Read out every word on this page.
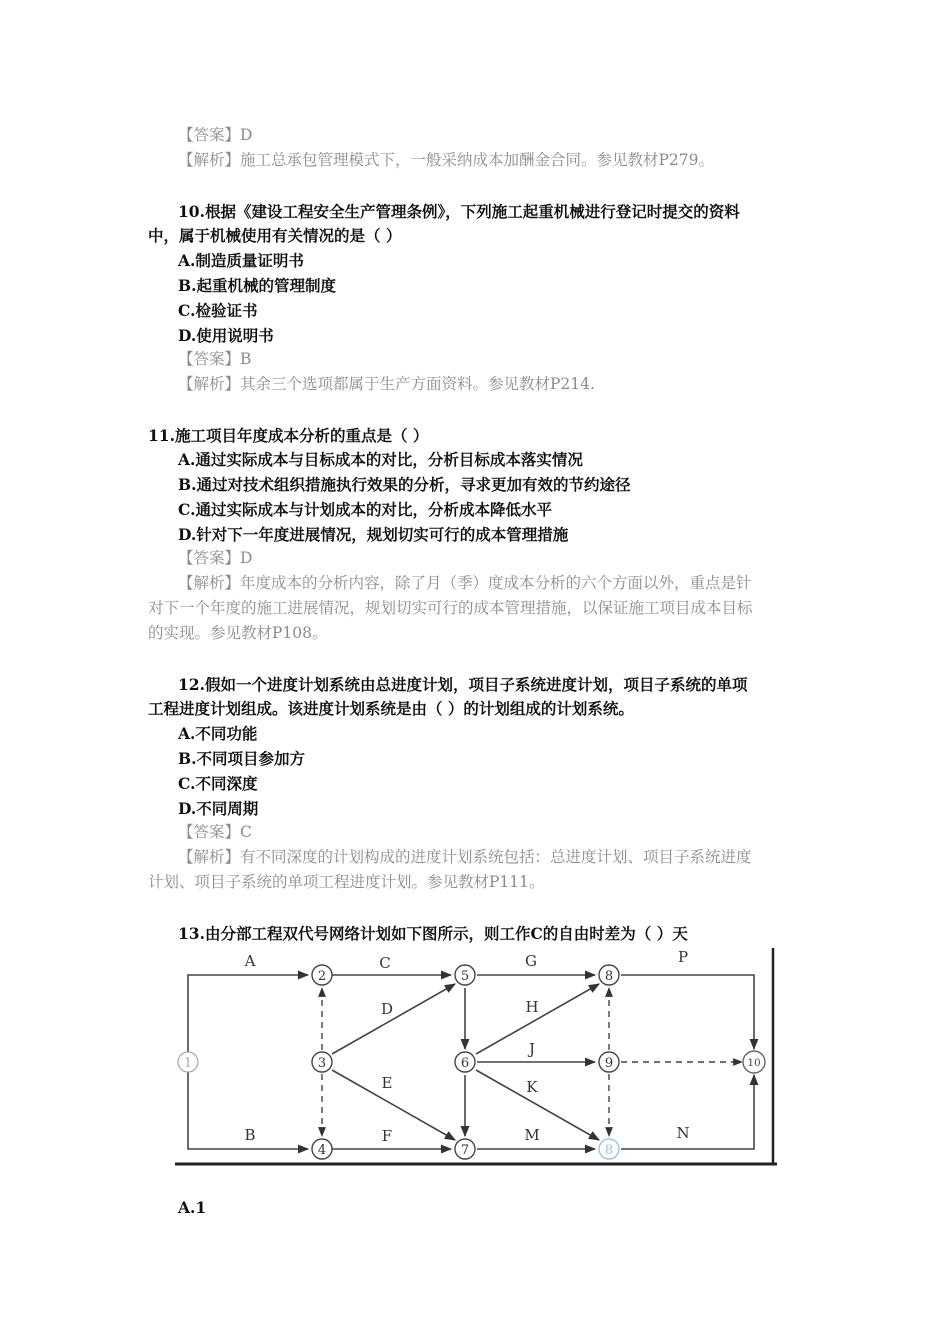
【答案】D
【解析】施工总承包管理模式下，一般采纳成本加酬金合同。参见教材P279。
10.根据《建设工程安全生产管理条例》，下列施工起重机械进行登记时提交的资料
中，属于机械使用有关情况的是（ ）
A.制造质量证明书
B.起重机械的管理制度
C.检验证书
D.使用说明书
【答案】B
【解析】其余三个选项都属于生产方面资料。参见教材P214.
11.施工项目年度成本分析的重点是（ ）
A.通过实际成本与目标成本的对比，分析目标成本落实情况
B.通过对技术组织措施执行效果的分析，寻求更加有效的节约途径
C.通过实际成本与计划成本的对比，分析成本降低水平
D.针对下一年度进展情况，规划切实可行的成本管理措施
【答案】D
【解析】年度成本的分析内容，除了月（季）度成本分析的六个方面以外，重点是针
对下一个年度的施工进展情况，规划切实可行的成本管理措施，以保证施工项目成本目标
的实现。参见教材P108。
12.假如一个进度计划系统由总进度计划，项目子系统进度计划，项目子系统的单项
工程进度计划组成。该进度计划系统是由（ ）的计划组成的计划系统。
A.不同功能
B.不同项目参加方
C.不同深度
D.不同周期
【答案】C
【解析】有不同深度的计划构成的进度计划系统包括：总进度计划、项目子系统进度
计划、项目子系统的单项工程进度计划。参见教材P111。
13.由分部工程双代号网络计划如下图所示，则工作C的自由时差为（ ）天
1
2
3
4
5
6
7
8
9	10
8
A
B
C
D
E
F
G
H
J
K
M
P
N
A.1
